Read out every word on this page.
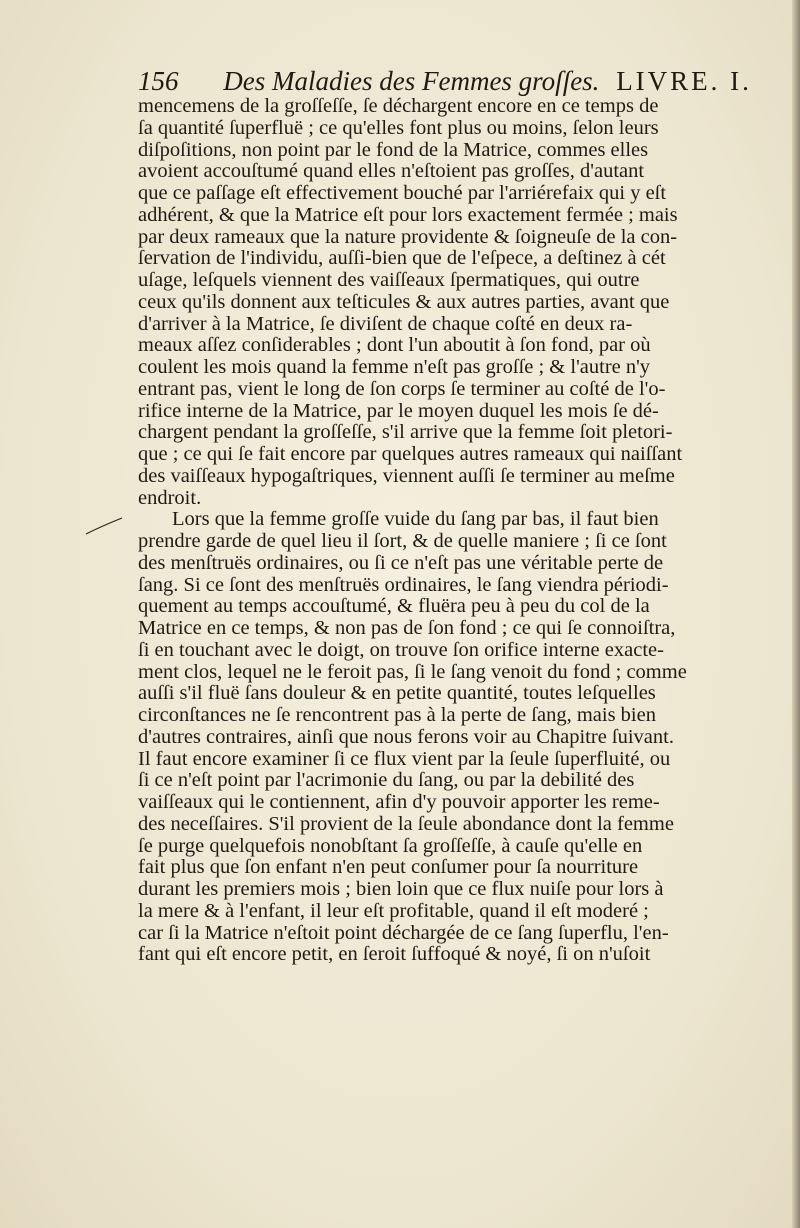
156 Des Maladies des Femmes groſſes. LIVRE. I.
mencemens de la groſſeſſe, ſe déchargent encore en ce temps de
ſa quantité ſuperfluë ; ce qu'elles font plus ou moins, ſelon leurs
diſpoſitions, non point par le fond de la Matrice, commes elles
avoient accouſtumé quand elles n'eſtoient pas groſſes, d'autant
que ce paſſage eſt effectivement bouché par l'arriérefaix qui y eſt
adhérent, & que la Matrice eſt pour lors exactement fermée ; mais
par deux rameaux que la nature providente & ſoigneuſe de la con-
ſervation de l'individu, auſſi-bien que de l'eſpece, a deſtinez à cét
uſage, leſquels viennent des vaiſſeaux ſpermatiques, qui outre
ceux qu'ils donnent aux teſticules & aux autres parties, avant que
d'arriver à la Matrice, ſe diviſent de chaque coſté en deux ra-
meaux aſſez conſiderables ; dont l'un aboutit à ſon fond, par où
coulent les mois quand la femme n'eſt pas groſſe ; & l'autre n'y
entrant pas, vient le long de ſon corps ſe terminer au coſté de l'o-
rifice interne de la Matrice, par le moyen duquel les mois ſe dé-
chargent pendant la groſſeſſe, s'il arrive que la femme ſoit pletori-
que ; ce qui ſe fait encore par quelques autres rameaux qui naiſſant
des vaiſſeaux hypogaſtriques, viennent auſſi ſe terminer au meſme
endroit.
Lors que la femme groſſe vuide du ſang par bas, il faut bien
prendre garde de quel lieu il ſort, & de quelle maniere ; ſi ce ſont
des menſtruës ordinaires, ou ſi ce n'eſt pas une véritable perte de
ſang. Si ce ſont des menſtruës ordinaires, le ſang viendra périodi-
quement au temps accouſtumé, & fluëra peu à peu du col de la
Matrice en ce temps, & non pas de ſon fond ; ce qui ſe connoiſtra,
ſi en touchant avec le doigt, on trouve ſon orifice interne exacte-
ment clos, lequel ne le feroit pas, ſi le ſang venoit du fond ; comme
auſſi s'il fluë ſans douleur & en petite quantité, toutes leſquelles
circonſtances ne ſe rencontrent pas à la perte de ſang, mais bien
d'autres contraires, ainſi que nous ferons voir au Chapitre ſuivant.
Il faut encore examiner ſi ce flux vient par la ſeule ſuperfluité, ou
ſi ce n'eſt point par l'acrimonie du ſang, ou par la debilité des
vaiſſeaux qui le contiennent, afin d'y pouvoir apporter les reme-
des neceſſaires. S'il provient de la ſeule abondance dont la femme
ſe purge quelquefois nonobſtant ſa groſſeſſe, à cauſe qu'elle en
fait plus que ſon enfant n'en peut conſumer pour ſa nourriture
durant les premiers mois ; bien loin que ce flux nuiſe pour lors à
la mere & à l'enfant, il leur eſt profitable, quand il eſt moderé ;
car ſi la Matrice n'eſtoit point déchargée de ce ſang ſuperflu, l'en-
fant qui eſt encore petit, en ſeroit ſuffoqué & noyé, ſi on n'uſoit
